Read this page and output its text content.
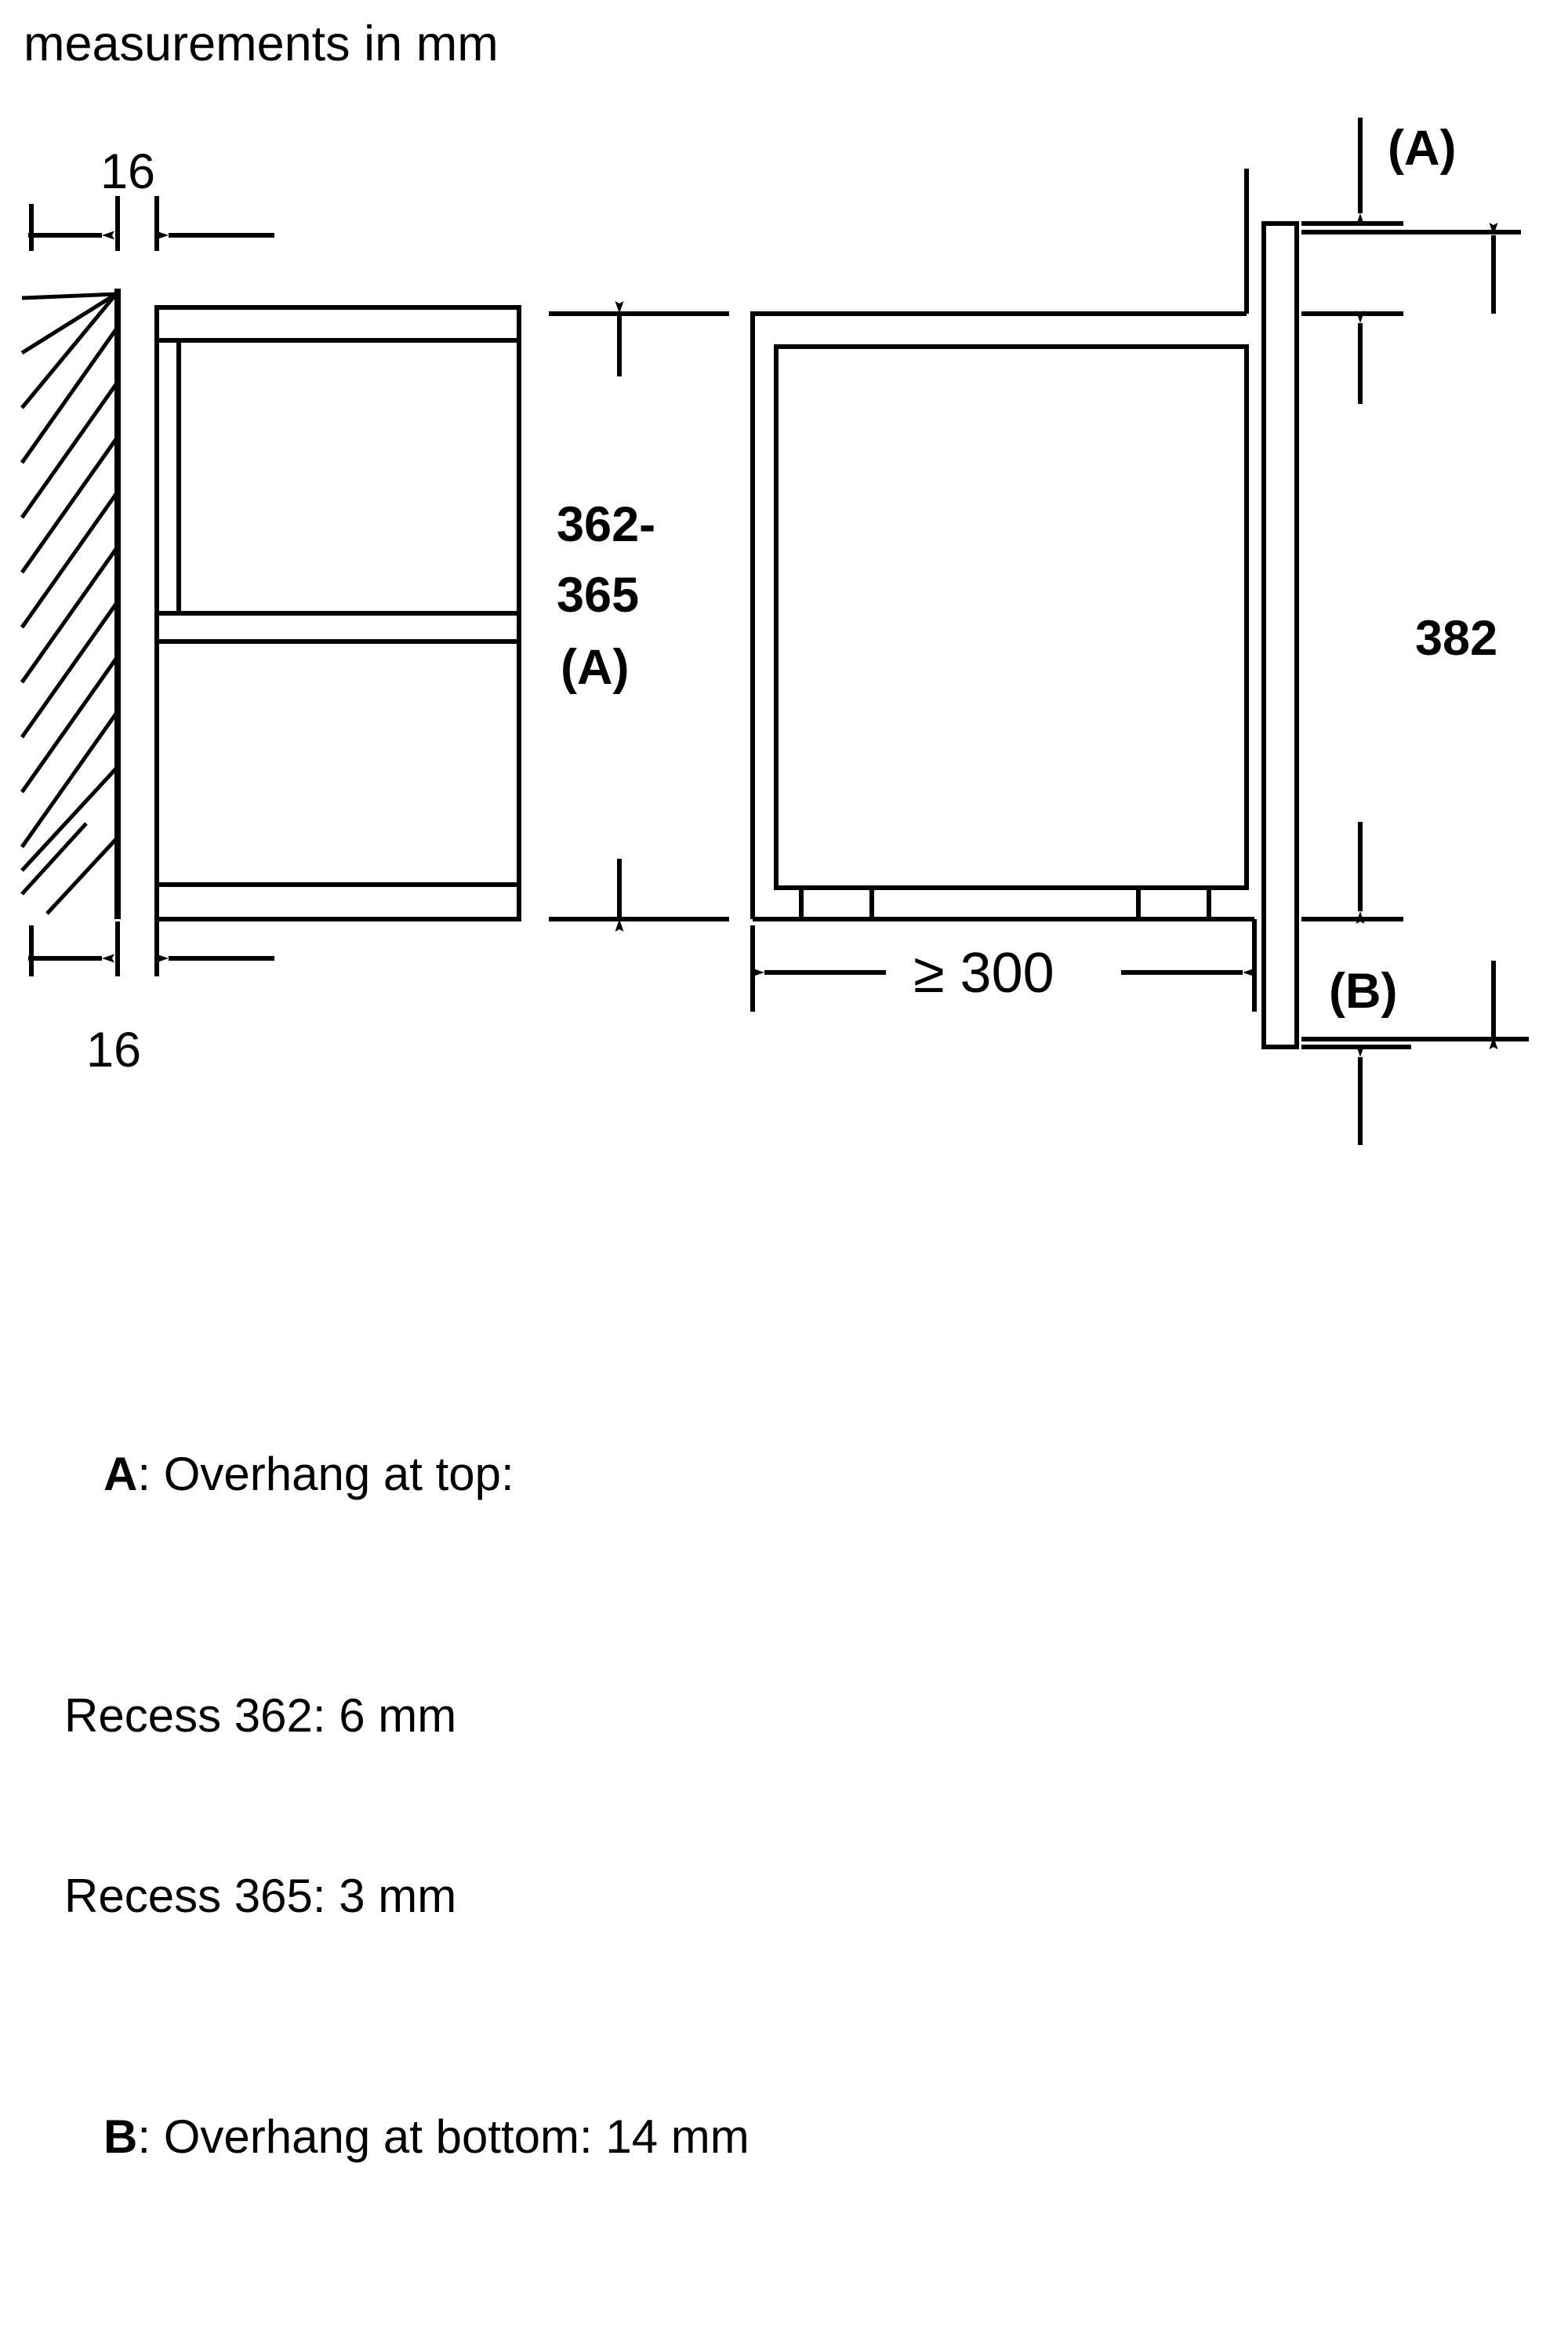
measurements in mm
16
16
362-
365
(A)
≥ 300
(A)
(B)
382

A: Overhang at top:

Recess 362: 6 mm

Recess 365: 3 mm

B: Overhang at bottom: 14 mm
